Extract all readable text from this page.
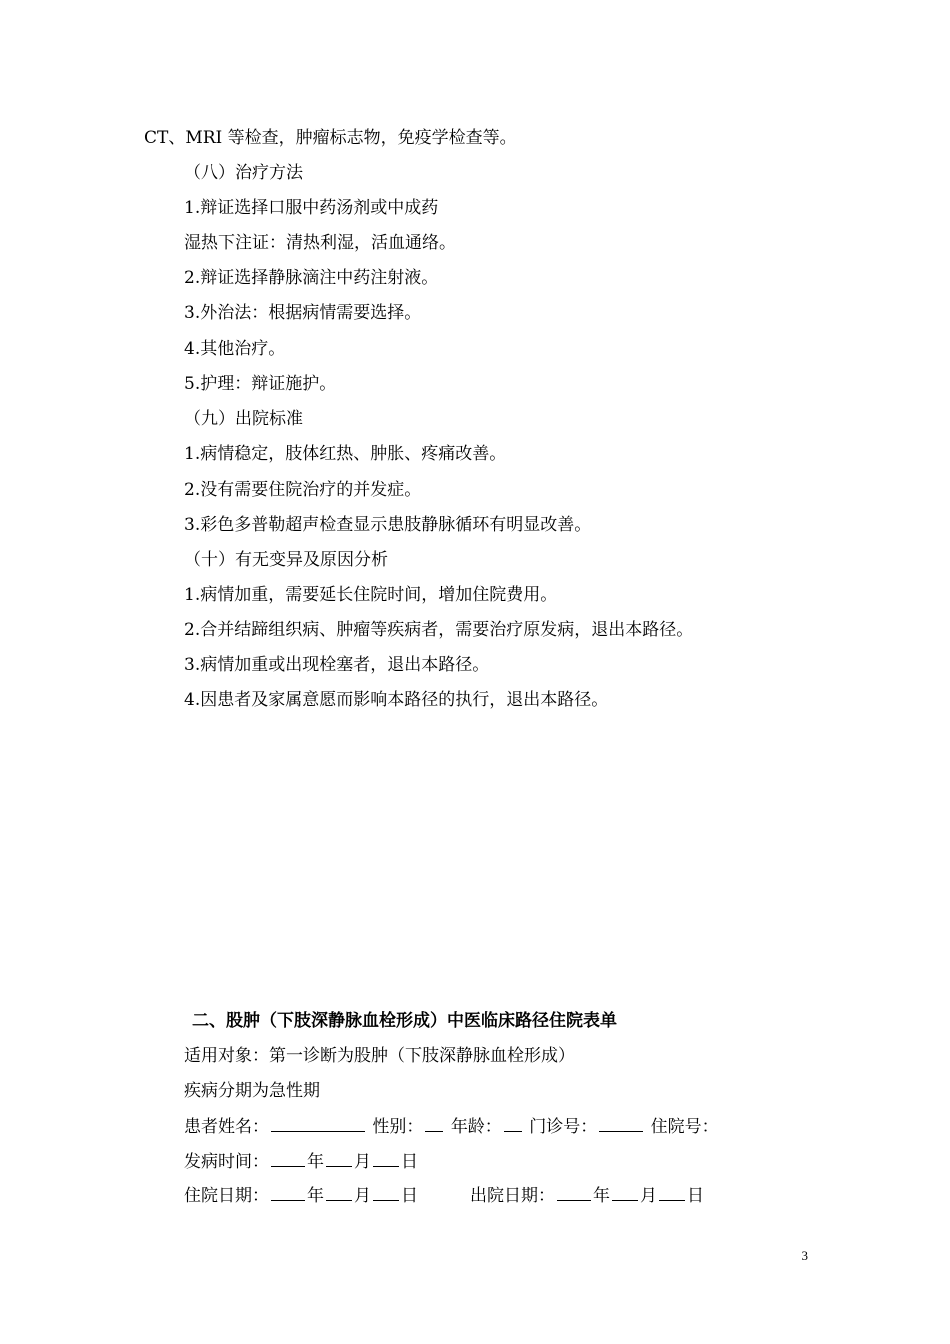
CT、MRI 等检查，肿瘤标志物，免疫学检查等。
（八）治疗方法
1.辩证选择口服中药汤剂或中成药
湿热下注证：清热利湿，活血通络。
2.辩证选择静脉滴注中药注射液。
3.外治法：根据病情需要选择。
4.其他治疗。
5.护理：辩证施护。
（九）出院标准
1.病情稳定，肢体红热、肿胀、疼痛改善。
2.没有需要住院治疗的并发症。
3.彩色多普勒超声检查显示患肢静脉循环有明显改善。
（十）有无变异及原因分析
1.病情加重，需要延长住院时间，增加住院费用。
2.合并结蹄组织病、肿瘤等疾病者，需要治疗原发病，退出本路径。
3.病情加重或出现栓塞者，退出本路径。
4.因患者及家属意愿而影响本路径的执行，退出本路径。
二、股肿（下肢深静脉血栓形成）中医临床路径住院表单
适用对象：第一诊断为股肿（下肢深静脉血栓形成）
疾病分期为急性期
患者姓名：	性别： 年龄： 门诊号：	住院号：
发病时间： 年 月 日
住院日期： 年 月 日	出院日期： 年 月 日
3
